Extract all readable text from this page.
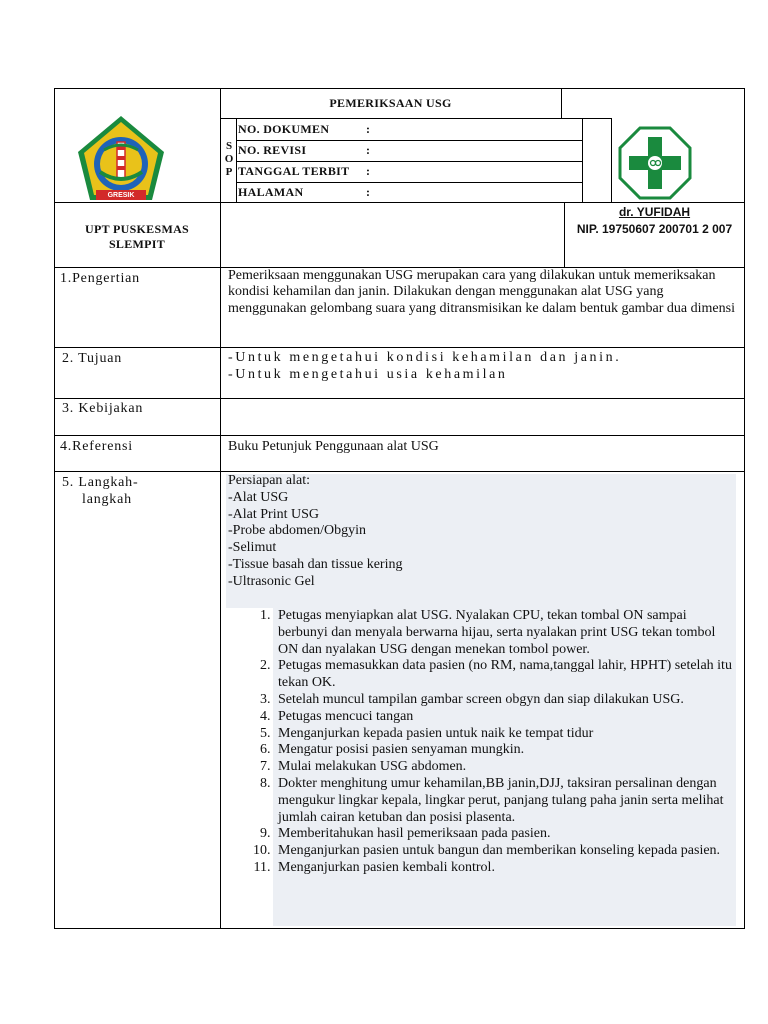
GRESIK
PEMERIKSAAN USG
S
O
P
NO. DOKUMEN	:
NO. REVISI	:
TANGGAL TERBIT :
HALAMAN	:
UPT PUSKESMAS
SLEMPIT
dr. YUFIDAH
NIP. 19750607 200701 2 007
1.Pengertian	Pemeriksaan menggunakan USG merupakan cara yang dilakukan untuk memeriksakan kondisi kehamilan dan janin. Dilakukan dengan menggunakan alat USG yang menggunakan gelombang suara yang ditransmisikan ke dalam bentuk gambar dua dimensi
2. Tujuan	-Untuk mengetahui kondisi kehamilan dan janin.
-Untuk mengetahui usia kehamilan
3. Kebijakan
4.Referensi	Buku Petunjuk Penggunaan alat USG
5. Langkah-
langkah
Persiapan alat:
-Alat USG
-Alat Print USG
-Probe abdomen/Obgyin
-Selimut
-Tissue basah dan tissue kering
-Ultrasonic Gel
1. Petugas menyiapkan alat USG. Nyalakan CPU, tekan tombal ON sampai berbunyi dan menyala berwarna hijau, serta nyalakan print USG tekan tombol ON dan nyalakan USG dengan menekan tombol power.
2. Petugas memasukkan data pasien (no RM, nama,tanggal lahir, HPHT) setelah itu tekan OK.
3. Setelah muncul tampilan gambar screen obgyn dan siap dilakukan USG.
4. Petugas mencuci tangan
5. Menganjurkan kepada pasien untuk naik ke tempat tidur
6. Mengatur posisi pasien senyaman mungkin.
7. Mulai melakukan USG abdomen.
8. Dokter menghitung umur kehamilan,BB janin,DJJ, taksiran persalinan dengan mengukur lingkar kepala, lingkar perut, panjang tulang paha janin serta melihat jumlah cairan ketuban dan posisi plasenta.
9. Memberitahukan hasil pemeriksaan pada pasien.
10. Menganjurkan pasien untuk bangun dan memberikan konseling kepada pasien.
11. Menganjurkan pasien kembali kontrol.
